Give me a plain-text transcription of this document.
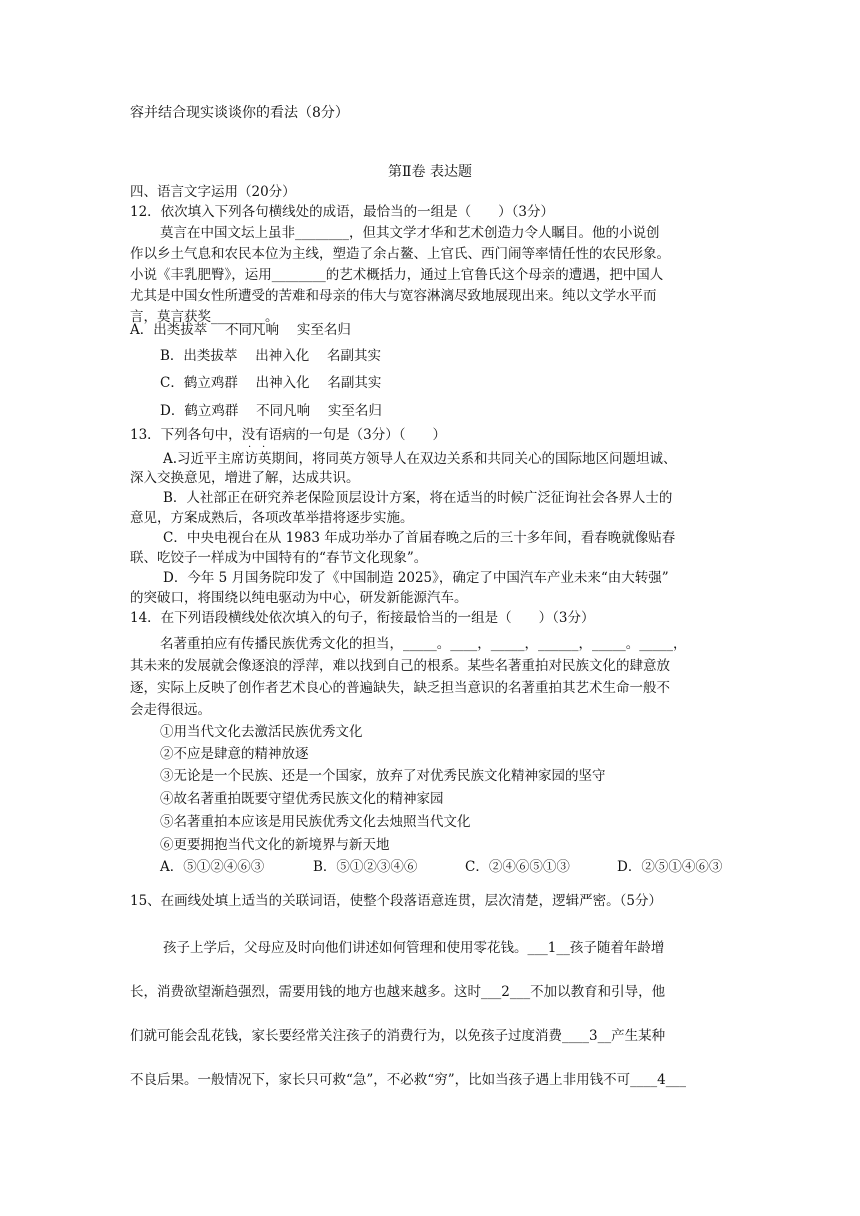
容并结合现实谈谈你的看法（8分）
第Ⅱ卷 表达题
四、语言文字运用（20分）
12．依次填入下列各句横线处的成语，最恰当的一组是（　　）（3分）
莫言在中国文坛上虽非________，但其文学才华和艺术创造力令人瞩目。他的小说创
作以乡土气息和农民本位为主线，塑造了余占鳌、上官氏、西门闹等率情任性的农民形象。
小说《丰乳肥臀》，运用________的艺术概括力，通过上官鲁氏这个母亲的遭遇，把中国人
尤其是中国女性所遭受的苦难和母亲的伟大与宽容淋漓尽致地展现出来。纯以文学水平而
言，莫言获奖________。
A．出类拔萃　 不同凡响　 实至名归
B．出类拔萃　 出神入化　 名副其实
C．鹤立鸡群　 出神入化　 名副其实
D．鹤立鸡群　 不同凡响　 实至名归
13．下列各句中，没有语病的一句是（3分）（　　）
· ·
A.习近平主席访英期间，将同英方领导人在双边关系和共同关心的国际地区问题坦诚、
深入交换意见，增进了解，达成共识。
B．人社部正在研究养老保险顶层设计方案，将在适当的时候广泛征询社会各界人士的
意见，方案成熟后，各项改革举措将逐步实施。
C．中央电视台在从 1983 年成功举办了首届春晚之后的三十多年间，看春晚就像贴春
联、吃饺子一样成为中国特有的“春节文化现象”。
D．今年 5 月国务院印发了《中国制造 2025》，确定了中国汽车产业未来“由大转强”
的突破口，将围绕以纯电驱动为中心，研发新能源汽车。
14．在下列语段横线处依次填入的句子，衔接最恰当的一组是（　　）（3分）
名著重拍应有传播民族优秀文化的担当，_____。____，_____，______，_____。_____，
其未来的发展就会像逐浪的浮萍，难以找到自己的根系。某些名著重拍对民族文化的肆意放
逐，实际上反映了创作者艺术良心的普遍缺失，缺乏担当意识的名著重拍其艺术生命一般不
会走得很远。
①用当代文化去激活民族优秀文化
②不应是肆意的精神放逐
③无论是一个民族、还是一个国家，放弃了对优秀民族文化精神家园的坚守
④故名著重拍既要守望优秀民族文化的精神家园
⑤名著重拍本应该是用民族优秀文化去烛照当代文化
⑥更要拥抱当代文化的新境界与新天地
A．⑤①②④⑥③	B．⑤①②③④⑥	C．②④⑥⑤①③	D．②⑤①④⑥③
15、在画线处填上适当的关联词语，使整个段落语意连贯，层次清楚，逻辑严密。（5分）
孩子上学后，父母应及时向他们讲述如何管理和使用零花钱。___1__孩子随着年龄增
长，消费欲望渐趋强烈，需要用钱的地方也越来越多。这时___2___不加以教育和引导，他
们就可能会乱花钱，家长要经常关注孩子的消费行为，以免孩子过度消费____3__产生某种
不良后果。一般情况下，家长只可救“急”，不必救“穷”，比如当孩子遇上非用钱不可____4___
